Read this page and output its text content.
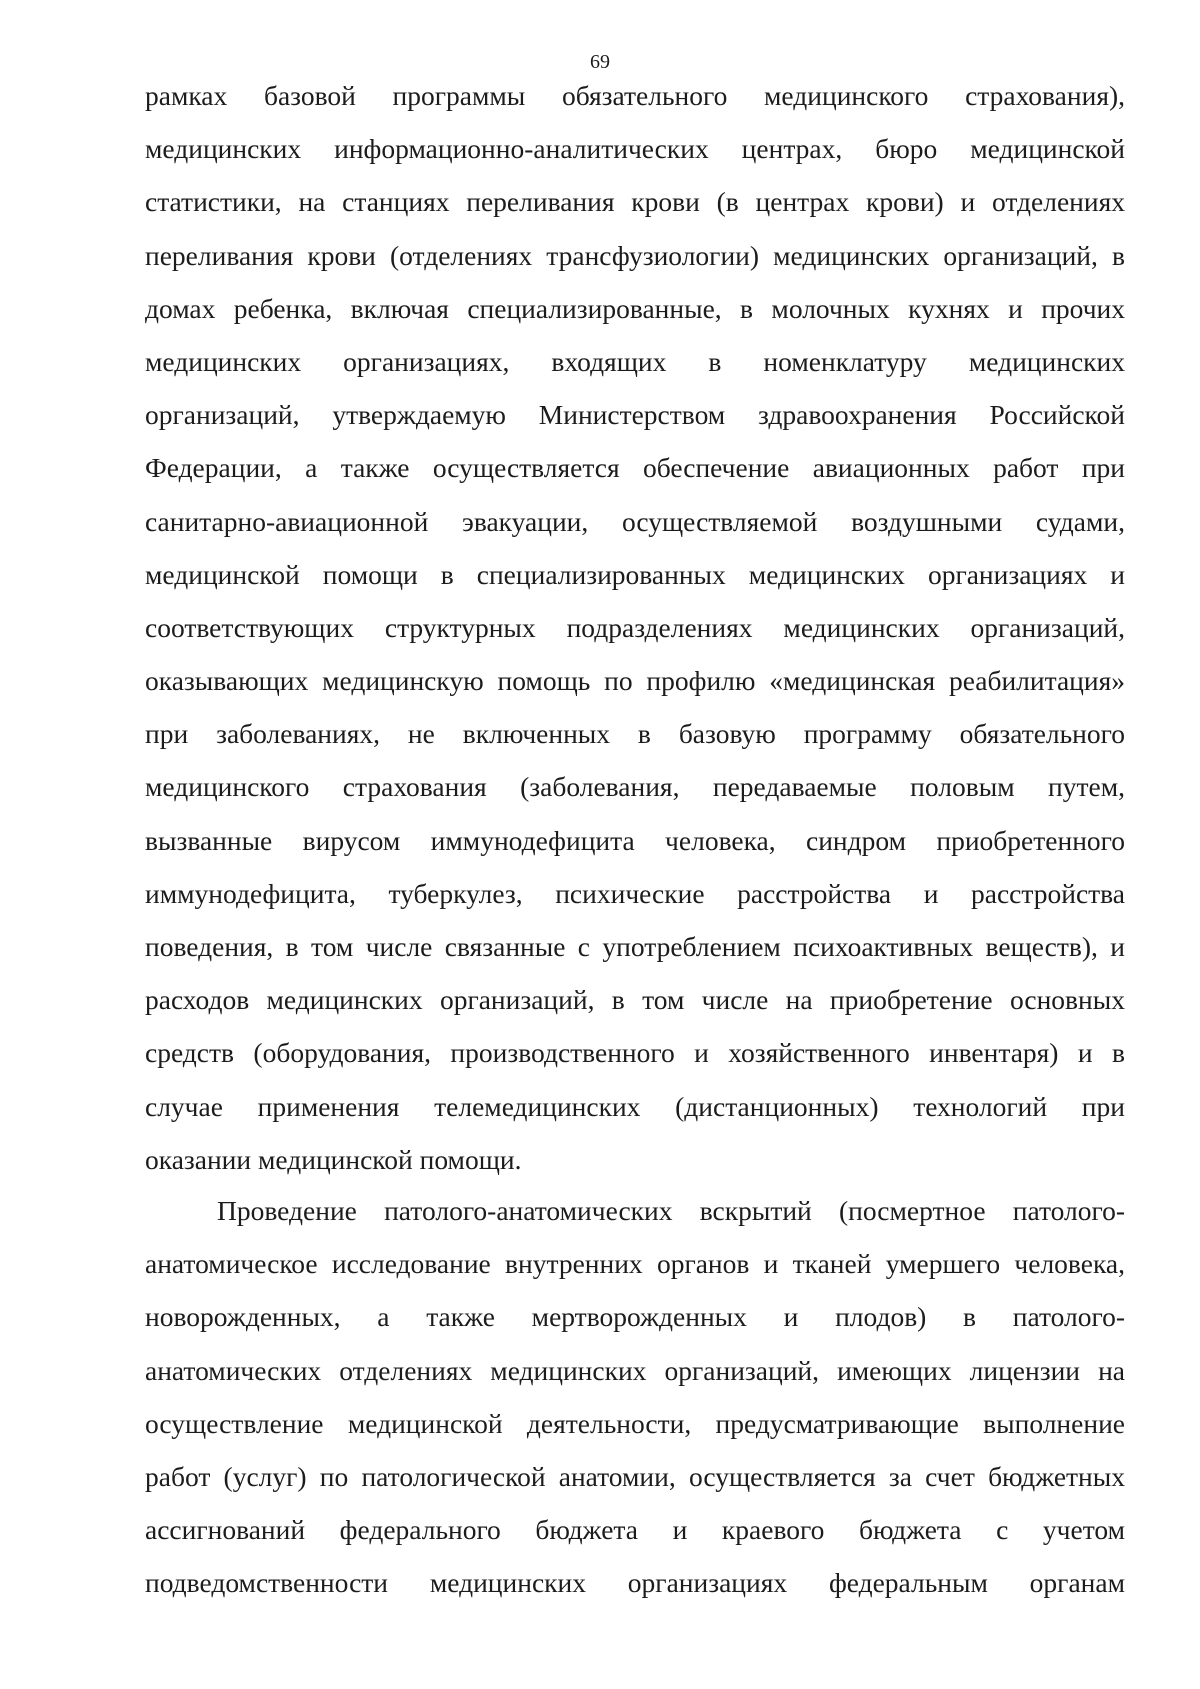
69
рамках базовой программы обязательного медицинского страхования),
медицинских информационно-аналитических центрах, бюро медицинской
статистики, на станциях переливания крови (в центрах крови) и отделениях
переливания крови (отделениях трансфузиологии) медицинских организаций, в
домах ребенка, включая специализированные, в молочных кухнях и прочих
медицинских организациях, входящих в номенклатуру медицинских
организаций, утверждаемую Министерством здравоохранения Российской
Федерации, а также осуществляется обеспечение авиационных работ при
санитарно-авиационной эвакуации, осуществляемой воздушными судами,
медицинской помощи в специализированных медицинских организациях и
соответствующих структурных подразделениях медицинских организаций,
оказывающих медицинскую помощь по профилю «медицинская реабилитация»
при заболеваниях, не включенных в базовую программу обязательного
медицинского страхования (заболевания, передаваемые половым путем,
вызванные вирусом иммунодефицита человека, синдром приобретенного
иммунодефицита, туберкулез, психические расстройства и расстройства
поведения, в том числе связанные с употреблением психоактивных веществ), и
расходов медицинских организаций, в том числе на приобретение основных
средств (оборудования, производственного и хозяйственного инвентаря) и в
случае применения телемедицинских (дистанционных) технологий при
оказании медицинской помощи.
Проведение патолого-анатомических вскрытий (посмертное патолого-
анатомическое исследование внутренних органов и тканей умершего человека,
новорожденных, а также мертворожденных и плодов) в патолого-
анатомических отделениях медицинских организаций, имеющих лицензии на
осуществление медицинской деятельности, предусматривающие выполнение
работ (услуг) по патологической анатомии, осуществляется за счет бюджетных
ассигнований федерального бюджета и краевого бюджета с учетом
подведомственности медицинских организациях федеральным органам
